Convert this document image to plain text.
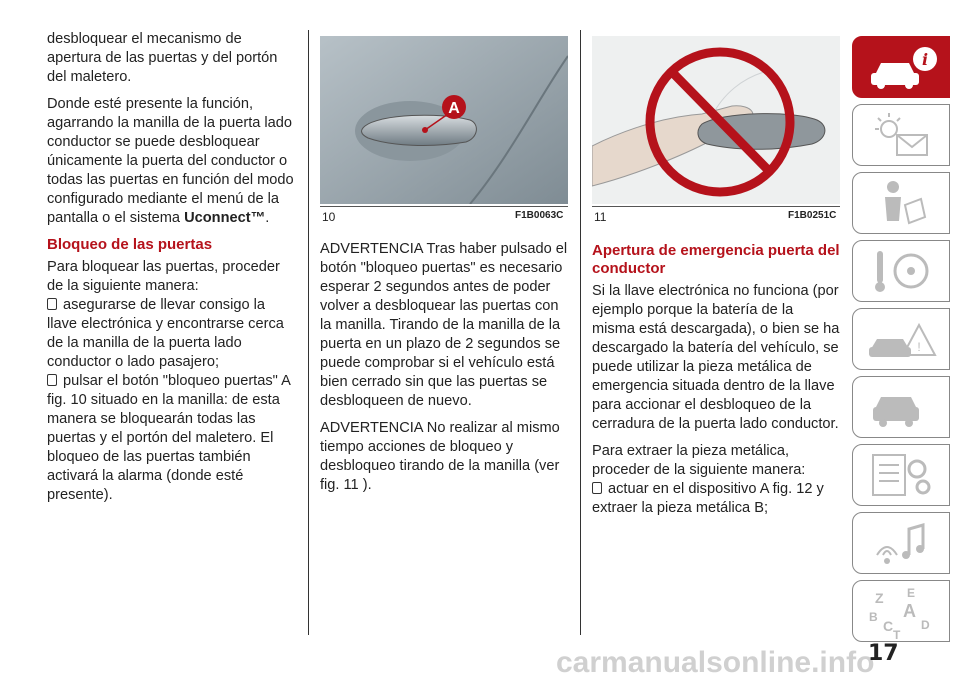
desbloquear el mecanismo de apertura de las puertas y del portón del maletero.

Donde esté presente la función, agarrando la manilla de la puerta lado conductor se puede desbloquear únicamente la puerta del conductor o todas las puertas en función del modo configurado mediante el menú de la pantalla o el sistema Uconnect™.

Bloqueo de las puertas

Para bloquear las puertas, proceder de la siguiente manera:

asegurarse de llevar consigo la llave electrónica y encontrarse cerca de la manilla de la puerta lado conductor o lado pasajero;

pulsar el botón "bloqueo puertas" A fig. 10 situado en la manilla: de esta manera se bloquearán todas las puertas y el portón del maletero. El bloqueo de las puertas también activará la alarma (donde esté presente).

A
10	F1B0063C	11	F1B0251C

ADVERTENCIA Tras haber pulsado el botón "bloqueo puertas" es necesario esperar 2 segundos antes de poder volver a desbloquear las puertas con la manilla. Tirando de la manilla de la puerta en un plazo de 2 segundos se puede comprobar si el vehículo está bien cerrado sin que las puertas se desbloqueen de nuevo.

ADVERTENCIA No realizar al mismo tiempo acciones de bloqueo y desbloqueo tirando de la manilla (ver fig. 11 ).

Apertura de emergencia puerta del conductor

Si la llave electrónica no funciona (por ejemplo porque la batería de la misma está descargada), o bien se ha descargado la batería del vehículo, se puede utilizar la pieza metálica de emergencia situada dentro de la llave para accionar el desbloqueo de la cerradura de la puerta lado conductor.

Para extraer la pieza metálica, proceder de la siguiente manera:

actuar en el dispositivo A fig. 12 y extraer la pieza metálica B;

i
!
Z E
A
B
C D
T
carmanualsonline.info
17
